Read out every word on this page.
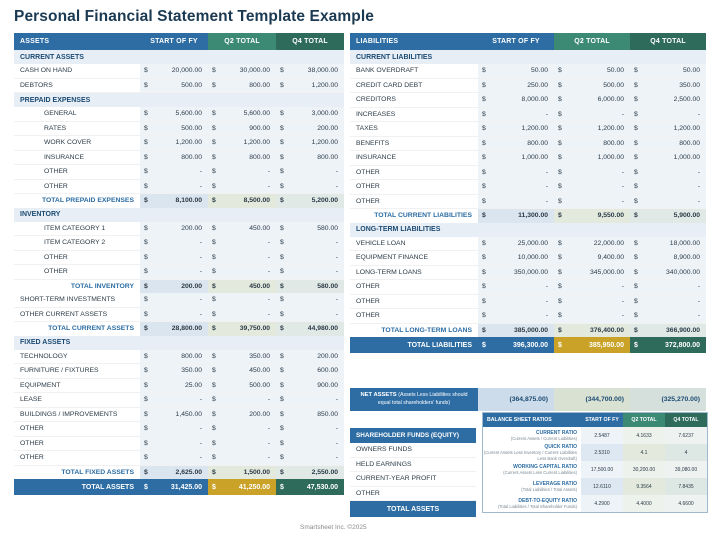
Personal Financial Statement Template Example
ASSETS	START OF FY		Q2 TOTAL		Q4 TOTAL	
CURRENT ASSETS						
CASH ON HAND	$	20,000.00	$	30,000.00	$	38,000.00
DEBTORS	$	500.00	$	800.00	$	1,200.00
PREPAID EXPENSES						
GENERAL	$	5,600.00	$	5,600.00	$	3,000.00
RATES	$	500.00	$	900.00	$	200.00
WORK COVER	$	1,200.00	$	1,200.00	$	1,200.00
INSURANCE	$	800.00	$	800.00	$	800.00
OTHER	$	-	$	-	$	-
OTHER	$	-	$	-	$	-
TOTAL PREPAID EXPENSES	$	8,100.00	$	8,500.00	$	5,200.00
INVENTORY						
ITEM CATEGORY 1	$	200.00	$	450.00	$	580.00
ITEM CATEGORY 2	$	-	$	-	$	-
OTHER	$	-	$	-	$	-
OTHER	$	-	$	-	$	-
TOTAL INVENTORY	$	200.00	$	450.00	$	580.00
SHORT-TERM INVESTMENTS	$	-	$	-	$	-
OTHER CURRENT ASSETS	$	-	$	-	$	-
TOTAL CURRENT ASSETS	$	28,800.00	$	39,750.00	$	44,980.00
FIXED ASSETS						
TECHNOLOGY	$	800.00	$	350.00	$	200.00
FURNITURE / FIXTURES	$	350.00	$	450.00	$	600.00
EQUIPMENT	$	25.00	$	500.00	$	900.00
LEASE	$	-	$	-	$	-
BUILDINGS / IMPROVEMENTS	$	1,450.00	$	200.00	$	850.00
OTHER	$	-	$	-	$	-
OTHER	$	-	$	-	$	-
OTHER	$	-	$	-	$	-
TOTAL FIXED ASSETS	$	2,625.00	$	1,500.00	$	2,550.00
TOTAL ASSETS	$	31,425.00	$	41,250.00	$	47,530.00
LIABILITIES	START OF FY		Q2 TOTAL		Q4 TOTAL	
CURRENT LIABILITIES						
BANK OVERDRAFT	$	50.00	$	50.00	$	50.00
CREDIT CARD DEBT	$	250.00	$	500.00	$	350.00
CREDITORS	$	8,000.00	$	6,000.00	$	2,500.00
INCREASES	$	-	$	-	$	-
TAXES	$	1,200.00	$	1,200.00	$	1,200.00
BENEFITS	$	800.00	$	800.00	$	800.00
INSURANCE	$	1,000.00	$	1,000.00	$	1,000.00
OTHER	$	-	$	-	$	-
OTHER	$	-	$	-	$	-
OTHER	$	-	$	-	$	-
TOTAL CURRENT LIABILITIES	$	11,300.00	$	9,550.00	$	5,900.00
LONG-TERM LIABILITIES						
VEHICLE LOAN	$	25,000.00	$	22,000.00	$	18,000.00
EQUIPMENT FINANCE	$	10,000.00	$	9,400.00	$	8,900.00
LONG-TERM LOANS	$	350,000.00	$	345,000.00	$	340,000.00
OTHER	$	-	$	-	$	-
OTHER	$	-	$	-	$	-
OTHER	$	-	$	-	$	-
TOTAL LONG-TERM LOANS	$	385,000.00	$	376,400.00	$	366,900.00
TOTAL LIABILITIES	$	396,300.00	$	385,950.00	$	372,800.00
NET ASSETS (Assets Less Liabilities should equal total shareholders' funds)	(364,875.00)	(344,700.00)	(325,270.00)
SHAREHOLDER FUNDS (EQUITY)
OWNERS FUNDS
HELD EARNINGS
CURRENT-YEAR PROFIT
OTHER
TOTAL ASSETS
BALANCE SHEET RATIOS	START OF FY	Q2 TOTAL	Q4 TOTAL
CURRENT RATIO
(Current Assets / Current Liabilities)	2.5487	4.1633	7.6237
QUICK RATIO
(Current Assets Less Inventory / Current Liabilities Less Bank Overdraft)	2.5310	4.1	4
WORKING CAPITAL RATIO
(Current Assets Less Current Liabilities)	17,500.00	30,200.00	39,080.00
LEVERAGE RATIO
(Total Liabilities / Total Assets)	12.6110	9.3564	7.8435
DEBT-TO-EQUITY RATIO
(Total Liabilities / Total Shareholder Funds)	4.2900	4.4000	4.6600
Smartsheet Inc. ©2025
